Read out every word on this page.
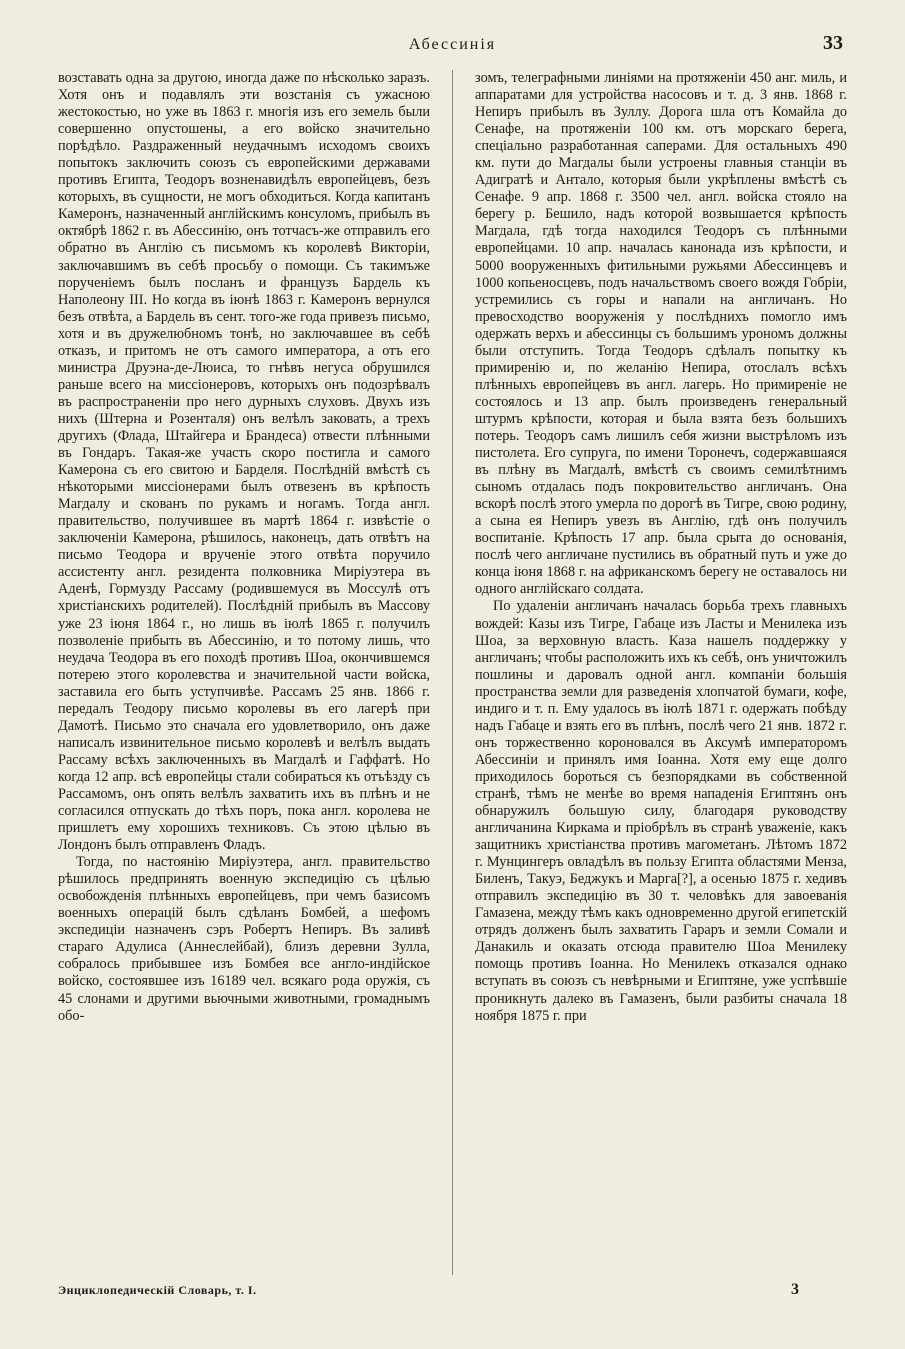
Абессинія	33

возставать одна за другою, иногда даже по нѣсколько заразъ. Хотя онъ и подавлялъ эти возстанія съ ужасною жестокостью, но уже въ 1863 г. многія изъ его земель были совершенно опустошены, а его войско значительно порѣдѣло. Раздраженный неудачнымъ исходомъ своихъ попытокъ заключить союзъ съ европейскими державами противъ Египта, Теодоръ возненавидѣлъ европейцевъ, безъ которыхъ, въ сущности, не могъ обходиться. Когда капитанъ Камеронъ, назначенный англійскимъ консуломъ, прибылъ въ октябрѣ 1862 г. въ Абессинію, онъ тотчасъ-же отправилъ его обратно въ Англію съ письмомъ къ королевѣ Викторіи, заключавшимъ въ себѣ просьбу о помощи. Съ такимъже порученіемъ былъ посланъ и французъ Бардель къ Наполеону III. Но когда въ іюнѣ 1863 г. Камеронъ вернулся безъ отвѣта, а Бардель въ сент. того-же года привезъ письмо, хотя и въ дружелюбномъ тонѣ, но заключавшее въ себѣ отказъ, и притомъ не отъ самого императора, а отъ его министра Друэна-де-Люиса, то гнѣвъ негуса обрушился раньше всего на миссіонеровъ, которыхъ онъ подозрѣвалъ въ распространеніи про него дурныхъ слуховъ. Двухъ изъ нихъ (Штерна и Розенталя) онъ велѣлъ заковать, а трехъ другихъ (Флада, Штайгера и Брандеса) отвести плѣнными въ Гондаръ. Такая-же участь скоро постигла и самого Камерона съ его свитою и Барделя. Послѣдній вмѣстѣ съ нѣкоторыми миссіонерами былъ отвезенъ въ крѣпость Магдалу и скованъ по рукамъ и ногамъ. Тогда англ. правительство, получившее въ мартѣ 1864 г. извѣстіе о заключеніи Камерона, рѣшилось, наконецъ, дать отвѣтъ на письмо Теодора и врученіе этого отвѣта поручило ассистенту англ. резидента полковника Миріуэтера въ Аденѣ, Гормузду Рассаму (родившемуся въ Моссулѣ отъ христіанскихъ родителей). Послѣдній прибылъ въ Массову уже 23 іюня 1864 г., но лишь въ іюлѣ 1865 г. получилъ позволеніе прибыть въ Абессинію, и то потому лишь, что неудача Теодора въ его походѣ противъ Шоа, окончившемся потерею этого королевства и значительной части войска, заставила его быть уступчивѣе. Рассамъ 25 янв. 1866 г. передалъ Теодору письмо королевы въ его лагерѣ при Дамотѣ. Письмо это сначала его удовлетворило, онъ даже написалъ извинительное письмо королевѣ и велѣлъ выдать Рассаму всѣхъ заключенныхъ въ Магдалѣ и Гаффатѣ. Но когда 12 апр. всѣ европейцы стали собираться къ отъѣзду съ Рассамомъ, онъ опять велѣлъ захватить ихъ въ плѣнъ и не согласился отпускать до тѣхъ поръ, пока англ. королева не пришлетъ ему хорошихъ техниковъ. Съ этою цѣлью въ Лондонъ былъ отправленъ Фладъ.

Тогда, по настоянію Миріуэтера, англ. правительство рѣшилось предпринять военную экспедицію съ цѣлью освобожденія плѣнныхъ европейцевъ, при чемъ базисомъ военныхъ операцій былъ сдѣланъ Бомбей, а шефомъ экспедиціи назначенъ сэръ Робертъ Непиръ. Въ заливѣ стараго Адулиса (Аннеслейбай), близъ деревни Зулла, собралось прибывшее изъ Бомбея все англо-индійское войско, состоявшее изъ 16189 чел. всякаго рода оружія, съ 45 слонами и другими вьючными животными, громаднымъ обо-

зомъ, телеграфными линіями на протяженіи 450 анг. миль, и аппаратами для устройства насосовъ и т. д. 3 янв. 1868 г. Непиръ прибылъ въ Зуллу. Дорога шла отъ Комайла до Сенафе, на протяженіи 100 км. отъ морскаго берега, спеціально разработанная саперами. Для остальныхъ 490 км. пути до Магдалы были устроены главныя станціи въ Адигратѣ и Анталo, которыя были укрѣплены вмѣстѣ съ Сенафе. 9 апр. 1868 г. 3500 чел. англ. войска стояло на берегу р. Бешило, надъ которой возвышается крѣпость Магдала, гдѣ тогда находился Теодоръ съ плѣнными европейцами. 10 апр. началась канонада изъ крѣпости, и 5000 вооруженныхъ фитильными ружьями Абессинцевъ и 1000 копьеносцевъ, подъ начальствомъ своего вождя Гобріи, устремились съ горы и напали на англичанъ. Но превосходство вооруженія у послѣднихъ помогло имъ одержать верхъ и абессинцы съ большимъ урономъ должны были отступить. Тогда Теодоръ сдѣлалъ попытку къ примиренію и, по желанію Непира, отослалъ всѣхъ плѣнныхъ европейцевъ въ англ. лагерь. Но примиреніе не состоялось и 13 апр. былъ произведенъ генеральный штурмъ крѣпости, которая и была взята безъ большихъ потерь. Теодоръ самъ лишилъ себя жизни выстрѣломъ изъ пистолета. Его супруга, по имени Торонечъ, содержавшаяся въ плѣну въ Магдалѣ, вмѣстѣ съ своимъ семилѣтнимъ сыномъ отдалась подъ покровительство англичанъ. Она вскорѣ послѣ этого умерла по дорогѣ въ Тигре, свою родину, а сына ея Непиръ увезъ въ Англію, гдѣ онъ получилъ воспитаніе. Крѣпость 17 апр. была срыта до основанія, послѣ чего англичане пустились въ обратный путь и уже до конца іюня 1868 г. на африканскомъ берегу не оставалось ни одного англійскаго солдата.

По удаленіи англичанъ началась борьба трехъ главныхъ вождей: Казы изъ Тигре, Габаце изъ Ласты и Менилека изъ Шоа, за верховную власть. Каза нашелъ поддержку у англичанъ; чтобы расположить ихъ къ себѣ, онъ уничтожилъ пошлины и даровалъ одной англ. компаніи большія пространства земли для разведенія хлопчатой бумаги, кофе, индиго и т. п. Ему удалось въ іюлѣ 1871 г. одержать побѣду надъ Габаце и взять его въ плѣнъ, послѣ чего 21 янв. 1872 г. онъ торжественно короновался въ Аксумѣ императоромъ Абессиніи и принялъ имя Іоанна. Хотя ему еще долго приходилось бороться съ безпорядками въ собственной странѣ, тѣмъ не менѣе во время нападенія Египтянъ онъ обнаружилъ большую силу, благодаря руководству англичанина Киркама и пріобрѣлъ въ странѣ уваженіе, какъ защитникъ христіанства противъ магометанъ. Лѣтомъ 1872 г. Мунцингеръ овладѣлъ въ пользу Египта областями Менза, Биленъ, Такуэ, Беджукъ и Маргa[?], а осенью 1875 г. хедивъ отправилъ экспедицію въ 30 т. человѣкъ для завоеванія Гамазена, между тѣмъ какъ одновременно другой египетскій отрядъ долженъ былъ захватить Гараръ и земли Сомали и Данакиль и оказать отсюда правителю Шоа Менилеку помощь противъ Іоанна. Но Менилекъ отказался однако вступать въ союзъ съ невѣрными и Египтяне, уже успѣвшіе проникнуть далеко въ Гамазенъ, были разбиты сначала 18 ноября 1875 г. при

Энциклопедическій Словарь, т. I.	3
